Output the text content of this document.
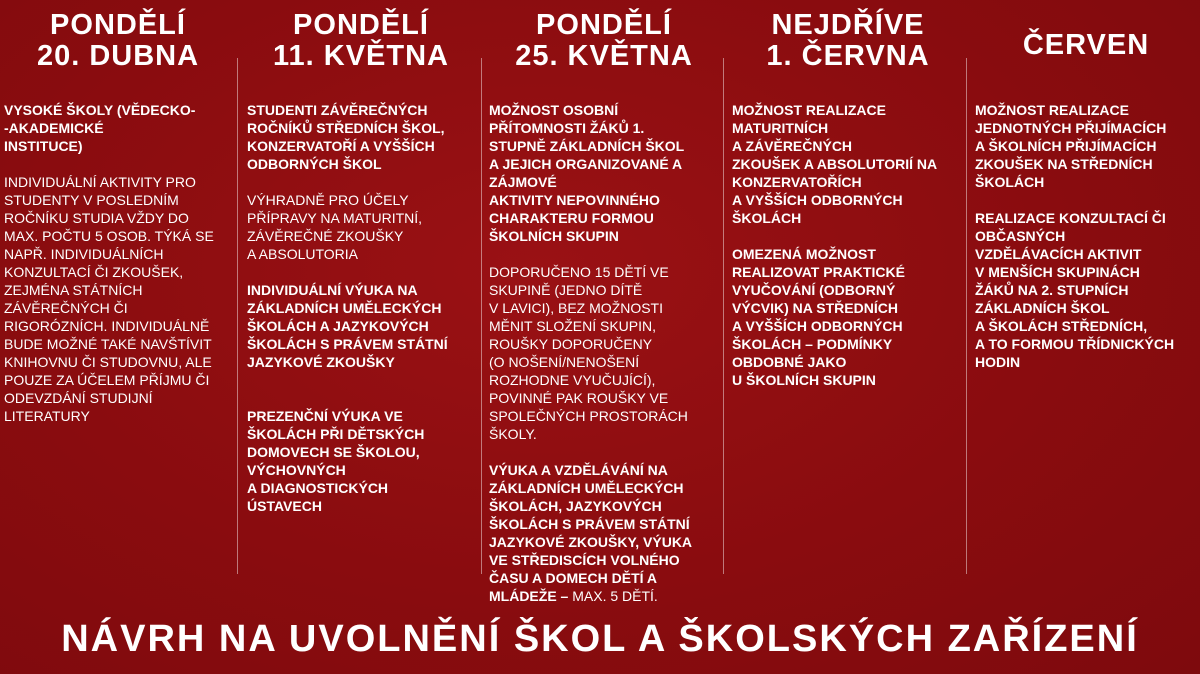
PONDĚLÍ
20. DUBNA
VYSOKÉ ŠKOLY (VĚDECKO-
-AKADEMICKÉ
INSTITUCE)
INDIVIDUÁLNÍ AKTIVITY PRO
STUDENTY V POSLEDNÍM
ROČNÍKU STUDIA VŽDY DO
MAX. POČTU 5 OSOB. TÝKÁ SE
NAPŘ. INDIVIDUÁLNÍCH
KONZULTACÍ ČI ZKOUŠEK,
ZEJMÉNA STÁTNÍCH
ZÁVĚREČNÝCH ČI
RIGORÓZNÍCH. INDIVIDUÁLNĚ
BUDE MOŽNÉ TAKÉ NAVŠTÍVIT
KNIHOVNU ČI STUDOVNU, ALE
POUZE ZA ÚČELEM PŘÍJMU ČI
ODEVZDÁNÍ STUDIJNÍ
LITERATURY
PONDĚLÍ
11. KVĚTNA
STUDENTI ZÁVĚREČNÝCH
ROČNÍKŮ STŘEDNÍCH ŠKOL,
KONZERVATOŘÍ A VYŠŠÍCH
ODBORNÝCH ŠKOL
VÝHRADNĚ PRO ÚČELY
PŘÍPRAVY NA MATURITNÍ,
ZÁVĚREČNÉ ZKOUŠKY
A ABSOLUTORIA
INDIVIDUÁLNÍ VÝUKA NA
ZÁKLADNÍCH UMĚLECKÝCH
ŠKOLÁCH A JAZYKOVÝCH
ŠKOLÁCH S PRÁVEM STÁTNÍ
JAZYKOVÉ ZKOUŠKY
PREZENČNÍ VÝUKA VE
ŠKOLÁCH PŘI DĚTSKÝCH
DOMOVECH SE ŠKOLOU,
VÝCHOVNÝCH
A DIAGNOSTICKÝCH
ÚSTAVECH
PONDĚLÍ
25. KVĚTNA
MOŽNOST OSOBNÍ
PŘÍTOMNOSTI ŽÁKŮ 1.
STUPNĚ ZÁKLADNÍCH ŠKOL
A JEJICH ORGANIZOVANÉ A
ZÁJMOVÉ
AKTIVITY NEPOVINNÉHO
CHARAKTERU FORMOU
ŠKOLNÍCH SKUPIN
DOPORUČENO 15 DĚTÍ VE
SKUPINĚ (JEDNO DÍTĚ
V LAVICI), BEZ MOŽNOSTI
MĚNIT SLOŽENÍ SKUPIN,
ROUŠKY DOPORUČENY
(O NOŠENÍ/NENOŠENÍ
ROZHODNE VYUČUJÍCÍ),
POVINNÉ PAK ROUŠKY VE
SPOLEČNÝCH PROSTORÁCH
ŠKOLY.
VÝUKA A VZDĚLÁVÁNÍ NA
ZÁKLADNÍCH UMĚLECKÝCH
ŠKOLÁCH, JAZYKOVÝCH
ŠKOLÁCH S PRÁVEM STÁTNÍ
JAZYKOVÉ ZKOUŠKY, VÝUKA
VE STŘEDISCÍCH VOLNÉHO
ČASU A DOMECH DĚTÍ A
MLÁDEŽE – MAX. 5 DĚTÍ.
NEJDŘÍVE
1. ČERVNA
MOŽNOST REALIZACE
MATURITNÍCH
A ZÁVĚREČNÝCH
ZKOUŠEK A ABSOLUTORIÍ NA
KONZERVATOŘÍCH
A VYŠŠÍCH ODBORNÝCH
ŠKOLÁCH
OMEZENÁ MOŽNOST
REALIZOVAT PRAKTICKÉ
VYUČOVÁNÍ (ODBORNÝ
VÝCVIK) NA STŘEDNÍCH
A VYŠŠÍCH ODBORNÝCH
ŠKOLÁCH – PODMÍNKY
OBDOBNÉ JAKO
U ŠKOLNÍCH SKUPIN
ČERVEN
MOŽNOST REALIZACE
JEDNOTNÝCH PŘIJÍMACÍCH
A ŠKOLNÍCH PŘIJÍMACÍCH
ZKOUŠEK NA STŘEDNÍCH
ŠKOLÁCH
REALIZACE KONZULTACÍ ČI
OBČASNÝCH
VZDĚLÁVACÍCH AKTIVIT
V MENŠÍCH SKUPINÁCH
ŽÁKŮ NA 2. STUPNÍCH
ZÁKLADNÍCH ŠKOL
A ŠKOLÁCH STŘEDNÍCH,
A TO FORMOU TŘÍDNICKÝCH
HODIN
NÁVRH NA UVOLNĚNÍ ŠKOL A ŠKOLSKÝCH ZAŘÍZENÍ
